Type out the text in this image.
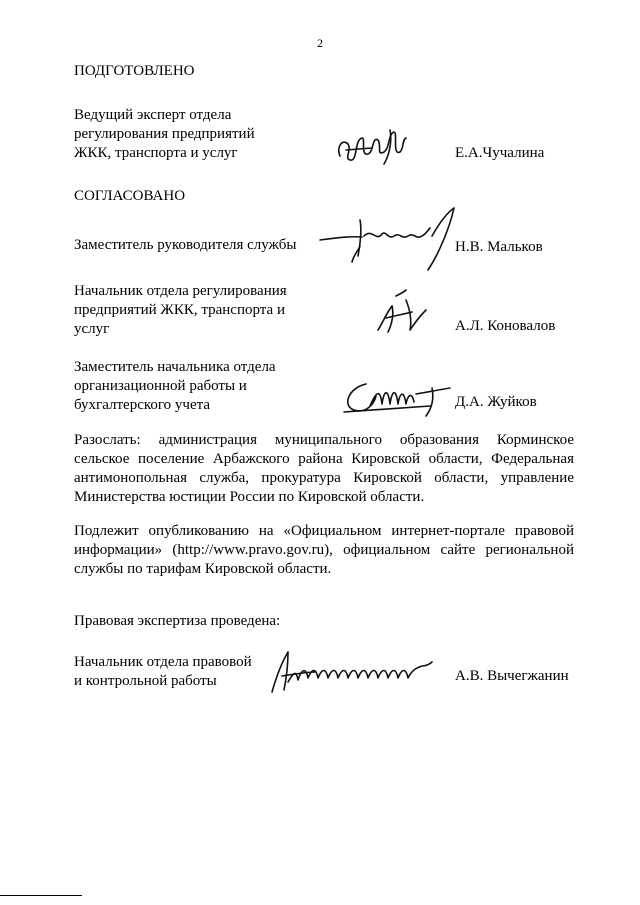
2
ПОДГОТОВЛЕНО
Ведущий эксперт отдела
регулирования предприятий
ЖКК, транспорта и услуг	Е.А.Чучалина
СОГЛАСОВАНО
Заместитель руководителя службы	Н.В. Мальков
Начальник отдела регулирования
предприятий ЖКК, транспорта и
услуг	А.Л. Коновалов
Заместитель начальника отдела
организационной работы и
бухгалтерского учета	Д.А. Жуйков
Разослать: администрация муниципального образования Корминское сельское поселение Арбажского района Кировской области, Федеральная антимонопольная служба, прокуратура Кировской области, управление Министерства юстиции России по Кировской области.
Подлежит опубликованию на «Официальном интернет-портале правовой информации» (http://www.pravo.gov.ru), официальном сайте региональной службы по тарифам Кировской области.
Правовая экспертиза проведена:
Начальник отдела правовой
и контрольной работы	А.В. Вычегжанин
